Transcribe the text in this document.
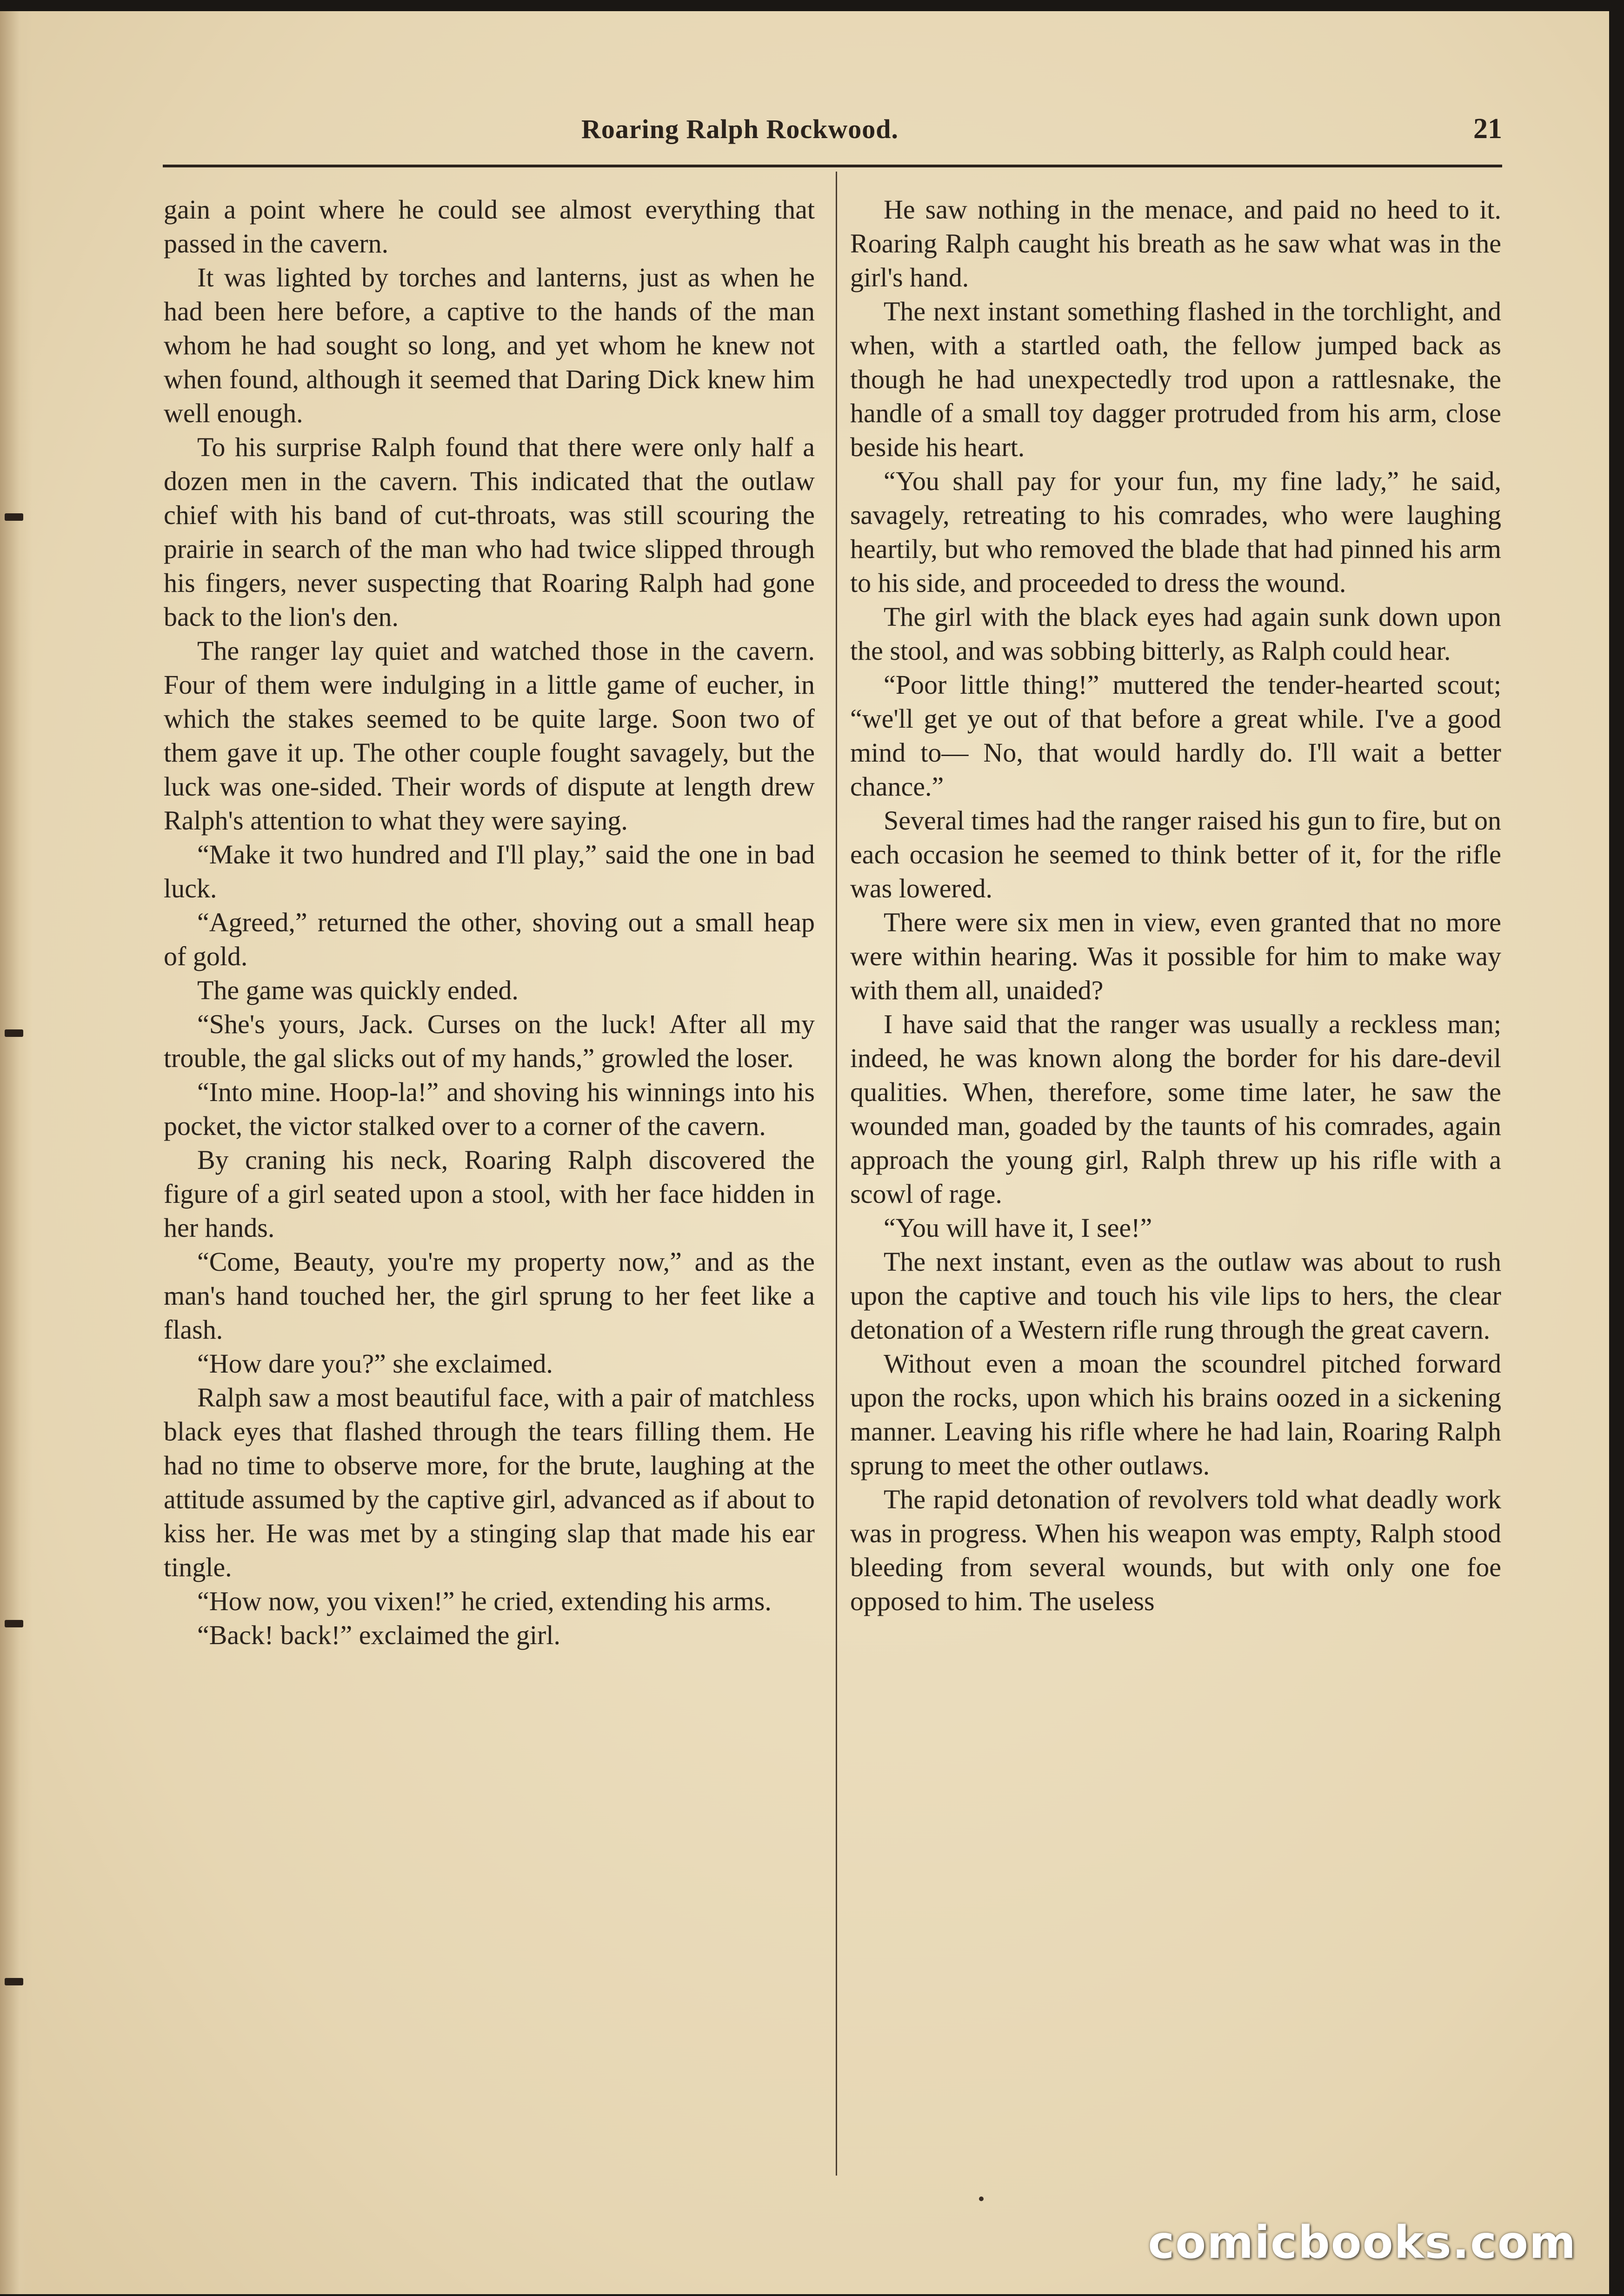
Roaring Ralph Rockwood.	21

gain a point where he could see almost everything that passed in the cavern.

It was lighted by torches and lanterns, just as when he had been here before, a captive to the hands of the man whom he had sought so long, and yet whom he knew not when found, although it seemed that Daring Dick knew him well enough.

To his surprise Ralph found that there were only half a dozen men in the cavern. This indicated that the outlaw chief with his band of cut-throats, was still scouring the prairie in search of the man who had twice slipped through his fingers, never suspecting that Roaring Ralph had gone back to the lion's den.

The ranger lay quiet and watched those in the cavern. Four of them were indulging in a little game of eucher, in which the stakes seemed to be quite large. Soon two of them gave it up. The other couple fought savagely, but the luck was one-sided. Their words of dispute at length drew Ralph's attention to what they were saying.

“Make it two hundred and I'll play,” said the one in bad luck.

“Agreed,” returned the other, shoving out a small heap of gold.

The game was quickly ended.

“She's yours, Jack. Curses on the luck! After all my trouble, the gal slicks out of my hands,” growled the loser.

“Into mine. Hoop-la!” and shoving his winnings into his pocket, the victor stalked over to a corner of the cavern.

By craning his neck, Roaring Ralph discovered the figure of a girl seated upon a stool, with her face hidden in her hands.

“Come, Beauty, you're my property now,” and as the man's hand touched her, the girl sprung to her feet like a flash.

“How dare you?” she exclaimed.

Ralph saw a most beautiful face, with a pair of matchless black eyes that flashed through the tears filling them. He had no time to observe more, for the brute, laughing at the attitude assumed by the captive girl, advanced as if about to kiss her. He was met by a stinging slap that made his ear tingle.

“How now, you vixen!” he cried, extending his arms.

“Back! back!” exclaimed the girl.

He saw nothing in the menace, and paid no heed to it. Roaring Ralph caught his breath as he saw what was in the girl's hand.

The next instant something flashed in the torchlight, and when, with a startled oath, the fellow jumped back as though he had unexpectedly trod upon a rattlesnake, the handle of a small toy dagger protruded from his arm, close beside his heart.

“You shall pay for your fun, my fine lady,” he said, savagely, retreating to his comrades, who were laughing heartily, but who removed the blade that had pinned his arm to his side, and proceeded to dress the wound.

The girl with the black eyes had again sunk down upon the stool, and was sobbing bitterly, as Ralph could hear.

“Poor little thing!” muttered the tender-hearted scout; “we'll get ye out of that before a great while. I've a good mind to— No, that would hardly do. I'll wait a better chance.”

Several times had the ranger raised his gun to fire, but on each occasion he seemed to think better of it, for the rifle was lowered.

There were six men in view, even granted that no more were within hearing. Was it possible for him to make way with them all, unaided?

I have said that the ranger was usually a reckless man; indeed, he was known along the border for his dare-devil qualities. When, therefore, some time later, he saw the wounded man, goaded by the taunts of his comrades, again approach the young girl, Ralph threw up his rifle with a scowl of rage.

“You will have it, I see!”

The next instant, even as the outlaw was about to rush upon the captive and touch his vile lips to hers, the clear detonation of a Western rifle rung through the great cavern.

Without even a moan the scoundrel pitched forward upon the rocks, upon which his brains oozed in a sickening manner. Leaving his rifle where he had lain, Roaring Ralph sprung to meet the other outlaws.

The rapid detonation of revolvers told what deadly work was in progress. When his weapon was empty, Ralph stood bleeding from several wounds, but with only one foe opposed to him. The useless

comicbooks.com
